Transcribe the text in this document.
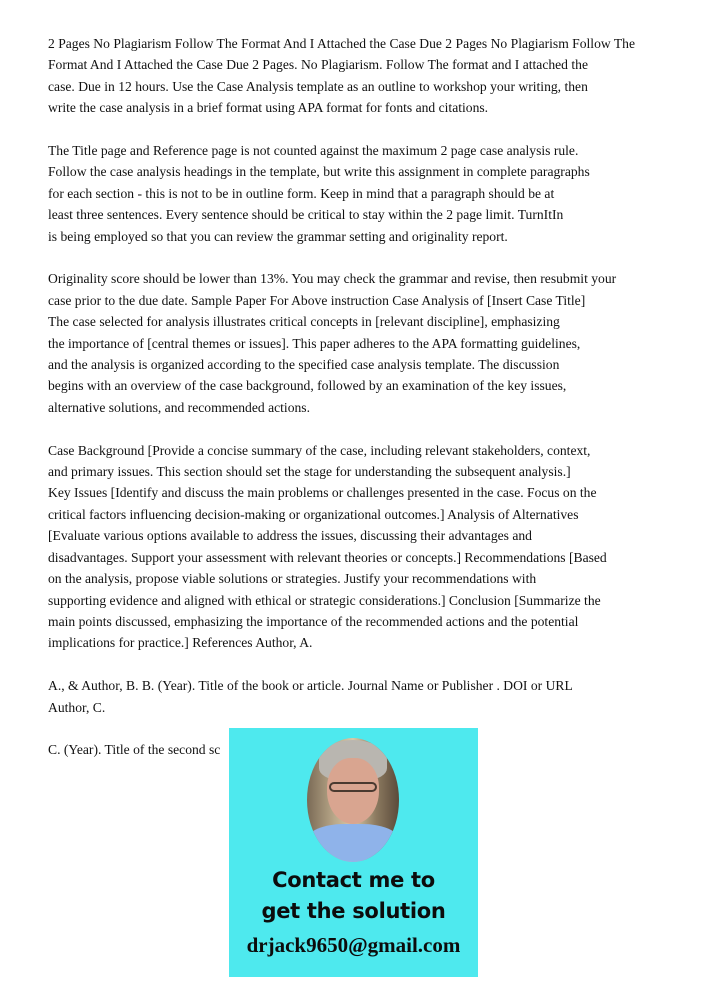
2 Pages No Plagiarism Follow The Format And I Attached the Case Due 2 Pages No Plagiarism Follow The
Format And I Attached the Case Due 2 Pages. No Plagiarism. Follow The format and I attached the
case. Due in 12 hours. Use the Case Analysis template as an outline to workshop your writing, then
write the case analysis in a brief format using APA format for fonts and citations.

The Title page and Reference page is not counted against the maximum 2 page case analysis rule.
Follow the case analysis headings in the template, but write this assignment in complete paragraphs
for each section - this is not to be in outline form. Keep in mind that a paragraph should be at
least three sentences. Every sentence should be critical to stay within the 2 page limit. TurnItIn
is being employed so that you can review the grammar setting and originality report.

Originality score should be lower than 13%. You may check the grammar and revise, then resubmit your
case prior to the due date. Sample Paper For Above instruction Case Analysis of [Insert Case Title]
The case selected for analysis illustrates critical concepts in [relevant discipline], emphasizing
the importance of [central themes or issues]. This paper adheres to the APA formatting guidelines,
and the analysis is organized according to the specified case analysis template. The discussion
begins with an overview of the case background, followed by an examination of the key issues,
alternative solutions, and recommended actions.

Case Background [Provide a concise summary of the case, including relevant stakeholders, context,
and primary issues. This section should set the stage for understanding the subsequent analysis.]
Key Issues [Identify and discuss the main problems or challenges presented in the case. Focus on the
critical factors influencing decision-making or organizational outcomes.] Analysis of Alternatives
[Evaluate various options available to address the issues, discussing their advantages and
disadvantages. Support your assessment with relevant theories or concepts.] Recommendations [Based
on the analysis, propose viable solutions or strategies. Justify your recommendations with
supporting evidence and aligned with ethical or strategic considerations.] Conclusion [Summarize the
main points discussed, emphasizing the importance of the recommended actions and the potential
implications for practice.] References Author, A.

A., & Author, B. B. (Year). Title of the book or article. Journal Name or Publisher . DOI or URL
Author, C.

C. (Year). Title of the second sc

Contact me to
get the solution
drjack9650@gmail.com
